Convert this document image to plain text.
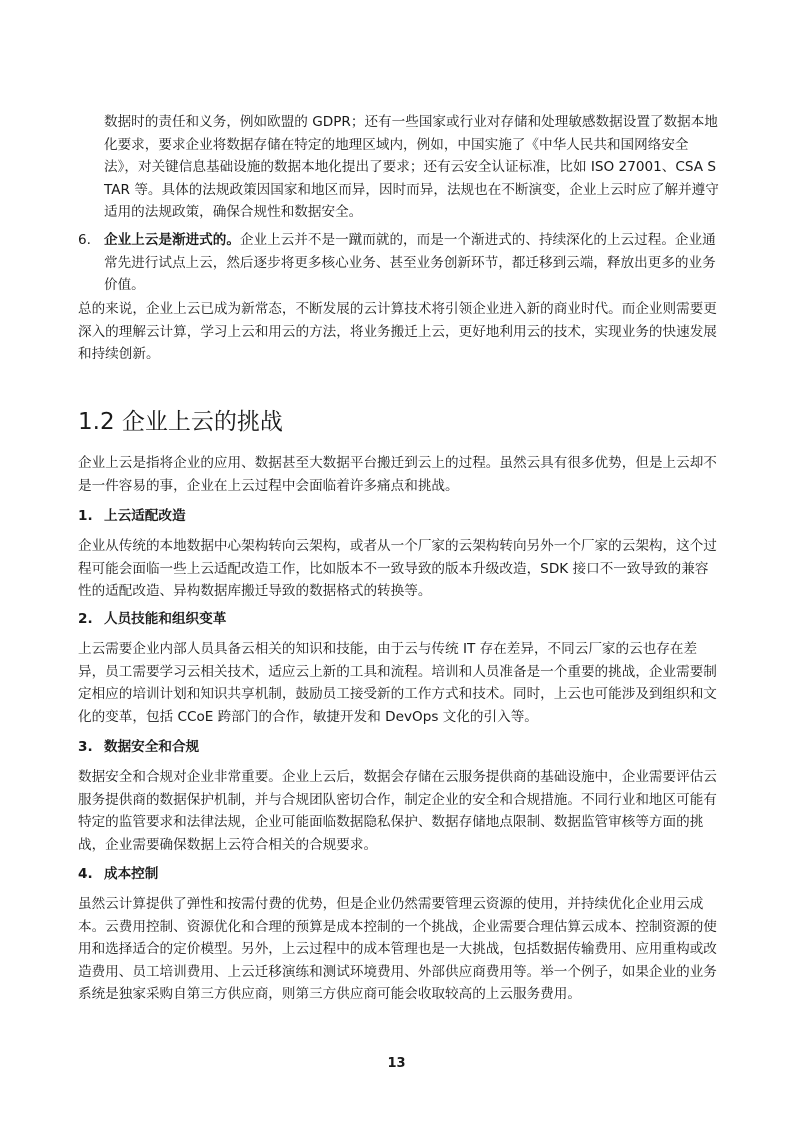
数据时的责任和义务，例如欧盟的 GDPR；还有一些国家或行业对存储和处理敏感数据设置了数据本地化要求，要求企业将数据存储在特定的地理区域内，例如，中国实施了《中华人民共和国网络安全法》，对关键信息基础设施的数据本地化提出了要求；还有云安全认证标准，比如 ISO 27001、CSA STAR 等。具体的法规政策因国家和地区而异，因时而异，法规也在不断演变，企业上云时应了解并遵守适用的法规政策，确保合规性和数据安全。

6. 企业上云是渐进式的。企业上云并不是一蹴而就的，而是一个渐进式的、持续深化的上云过程。企业通常先进行试点上云，然后逐步将更多核心业务、甚至业务创新环节，都迁移到云端，释放出更多的业务价值。

总的来说，企业上云已成为新常态，不断发展的云计算技术将引领企业进入新的商业时代。而企业则需要更深入的理解云计算，学习上云和用云的方法，将业务搬迁上云，更好地利用云的技术，实现业务的快速发展和持续创新。

1.2 企业上云的挑战

企业上云是指将企业的应用、数据甚至大数据平台搬迁到云上的过程。虽然云具有很多优势，但是上云却不是一件容易的事，企业在上云过程中会面临着许多痛点和挑战。

1. 上云适配改造

企业从传统的本地数据中心架构转向云架构，或者从一个厂家的云架构转向另外一个厂家的云架构，这个过程可能会面临一些上云适配改造工作，比如版本不一致导致的版本升级改造，SDK 接口不一致导致的兼容性的适配改造、异构数据库搬迁导致的数据格式的转换等。

2. 人员技能和组织变革

上云需要企业内部人员具备云相关的知识和技能，由于云与传统 IT 存在差异，不同云厂家的云也存在差异，员工需要学习云相关技术，适应云上新的工具和流程。培训和人员准备是一个重要的挑战，企业需要制定相应的培训计划和知识共享机制，鼓励员工接受新的工作方式和技术。同时，上云也可能涉及到组织和文化的变革，包括 CCoE 跨部门的合作，敏捷开发和 DevOps 文化的引入等。

3. 数据安全和合规

数据安全和合规对企业非常重要。企业上云后，数据会存储在云服务提供商的基础设施中，企业需要评估云服务提供商的数据保护机制，并与合规团队密切合作，制定企业的安全和合规措施。不同行业和地区可能有特定的监管要求和法律法规，企业可能面临数据隐私保护、数据存储地点限制、数据监管审核等方面的挑战，企业需要确保数据上云符合相关的合规要求。

4. 成本控制

虽然云计算提供了弹性和按需付费的优势，但是企业仍然需要管理云资源的使用，并持续优化企业用云成本。云费用控制、资源优化和合理的预算是成本控制的一个挑战，企业需要合理估算云成本、控制资源的使用和选择适合的定价模型。另外，上云过程中的成本管理也是一大挑战，包括数据传输费用、应用重构或改造费用、员工培训费用、上云迁移演练和测试环境费用、外部供应商费用等。举一个例子，如果企业的业务系统是独家采购自第三方供应商，则第三方供应商可能会收取较高的上云服务费用。

13
